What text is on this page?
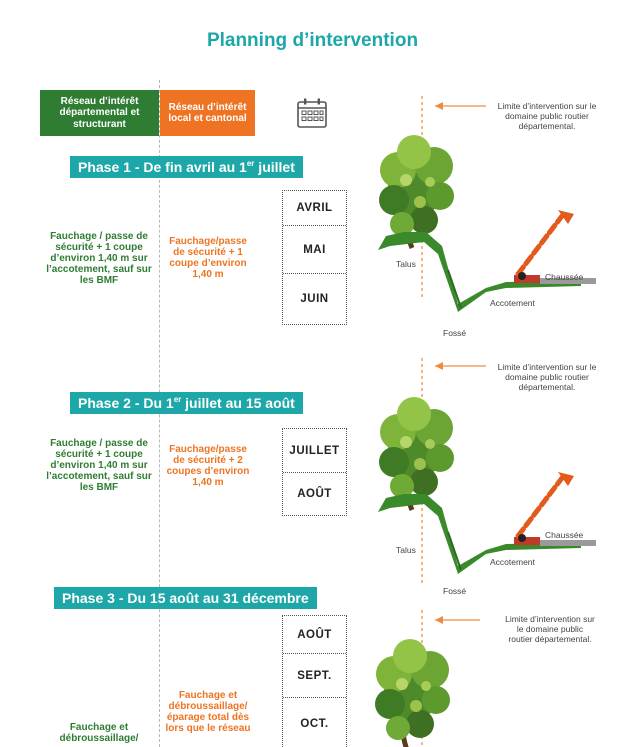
Planning d’intervention
Réseau d’intérêt départemental et structurant
Réseau d’intérêt local et cantonal
Phase 1 - De fin avril au 1er juillet
Fauchage / passe de sécurité + 1 coupe d’environ 1,40 m sur l’accotement, sauf sur les BMF
Fauchage/passe de sécurité + 1 coupe d’environ 1,40 m
AVRIL
MAI
JUIN
Phase 2 - Du 1er juillet au 15 août
Fauchage / passe de sécurité + 1 coupe d’environ 1,40 m sur l’accotement, sauf sur les BMF
Fauchage/passe de sécurité + 2 coupes d’environ 1,40 m
JUILLET
AOÛT
Phase 3 - Du 15 août au 31 décembre
Fauchage et débroussaillage/
Fauchage et débroussaillage/ éparage total dès lors que le réseau
AOÛT
SEPT.
OCT.
Limite d’intervention sur le domaine public routier départemental.
Talus
Chaussée
Accotement
Fossé
Limite d’intervention sur le domaine public routier départemental.
Talus
Chaussée
Accotement
Fossé
Limite d’intervention sur le domaine public routier départemental.
